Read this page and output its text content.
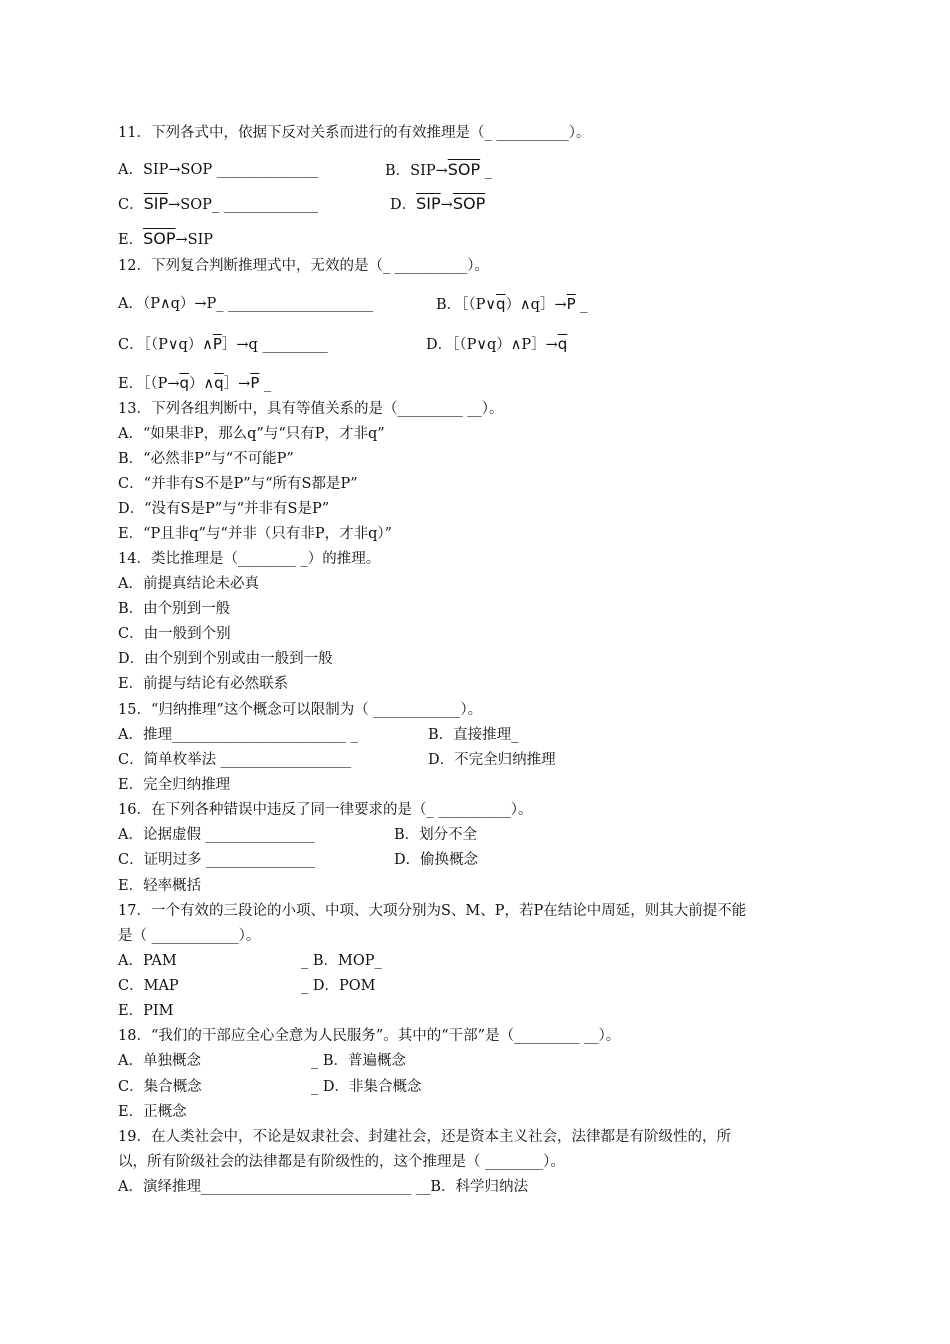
11．下列各式中，依据下反对关系而进行的有效推理是（_ __________）。
A．SIP→SOP ______________	B．$SIP\to\overline{SOP}$ _
C．$\overline{SIP}\to SOP\_$ _____________	D．$\overline{SIP}\to\overline{SOP}$
E．$\overline{SOP}\to SIP$
12．下列复合判断推理式中，无效的是（_ __________）。
A．（P∧q）→P_ ____________________	B．$[(P\vee\overline{q})\wedge q]\to\overline{P}$ _
C．$[(P\vee q)\wedge\overline{P}]\to q$ _________	D．$[(P\vee q)\wedge P]\to\overline{q}$
E．$[(P\to\overline{q})\wedge\overline{q}]\to\overline{P}$ _
13．下列各组判断中，具有等值关系的是（_________ __）。
A．“如果非P，那么q”与“只有P，才非q”
B．“必然非P”与“不可能P”
C．“并非有S不是P”与“所有S都是P”
D．“没有S是P”与“并非有S是P”
E．“P且非q”与“并非（只有非P，才非q）”
14．类比推理是（________ _）的推理。
A．前提真结论未必真
B．由个别到一般
C．由一般到个别
D．由个别到个别或由一般到一般
E．前提与结论有必然联系
15．“归纳推理”这个概念可以限制为（ ____________）。
A．推理________________________ _	B．直接推理_
C．简单枚举法 __________________	D．不完全归纳推理
E．完全归纳推理
16．在下列各种错误中违反了同一律要求的是（_ __________）。
A．论据虚假 _______________	B．划分不全
C．证明过多 _______________	D．偷换概念
E．轻率概括
17．一个有效的三段论的小项、中项、大项分别为S、M、P，若P在结论中周延，则其大前提不能
是（ ____________）。
A．PAM	_ B．MOP_
C．MAP	_ D．POM
E．PIM
18．“我们的干部应全心全意为人民服务”。其中的“干部”是（_________ __）。
A．单独概念	_ B．普遍概念
C．集合概念	_ D．非集合概念
E．正概念
19．在人类社会中，不论是奴隶社会、封建社会，还是资本主义社会，法律都是有阶级性的，所
以，所有阶级社会的法律都是有阶级性的，这个推理是（ ________）。
A．演绎推理_____________________________ __B．科学归纳法
